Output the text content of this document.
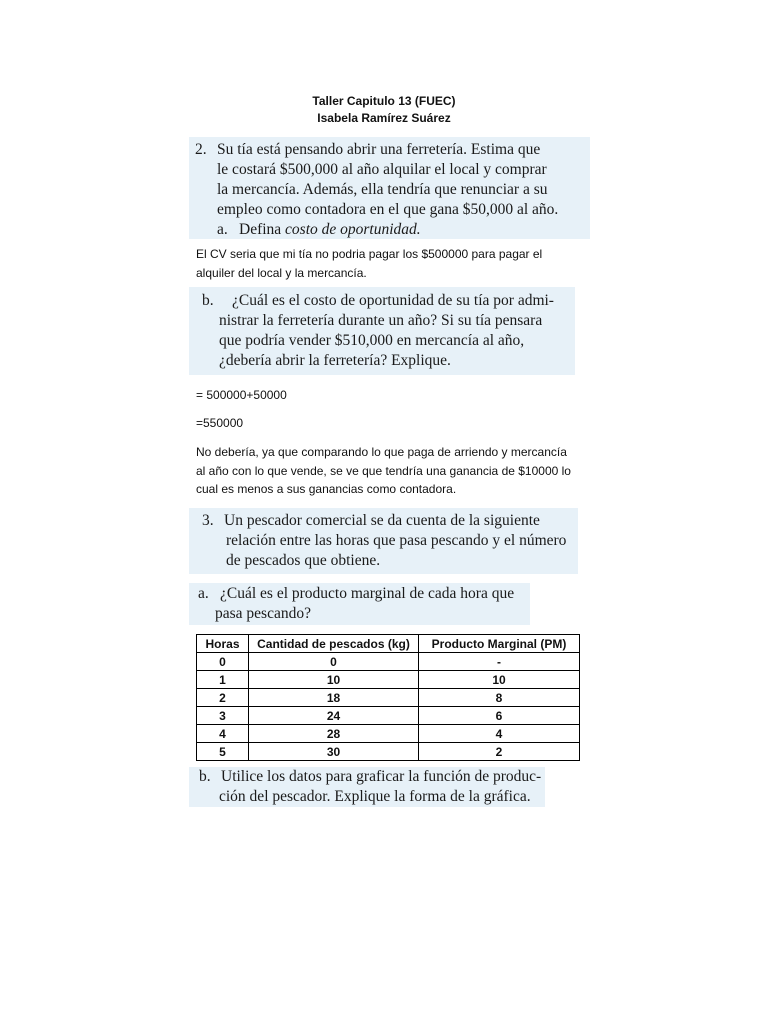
Taller Capitulo 13 (FUEC)
Isabela Ramírez Suárez
2. Su tía está pensando abrir una ferretería. Estima que
le costará $500,000 al año alquilar el local y comprar
la mercancía. Además, ella tendría que renunciar a su
empleo como contadora en el que gana $50,000 al año.
a. Defina
costo de oportunidad.
El CV seria que mi tía no podria pagar los $500000 para pagar el
alquiler del local y la mercancía.
b.	¿Cuál es el costo de oportunidad de su tía por admi-
nistrar la ferretería durante un año? Si su tía pensara
que podría vender $510,000 en mercancía al año,
¿debería abrir la ferretería? Explique.
= 500000+50000
=550000
No debería, ya que comparando lo que paga de arriendo y mercancía
al año con lo que vende, se ve que tendría una ganancia de $10000 lo
cual es menos a sus ganancias como contadora.
3. Un pescador comercial se da cuenta de la siguiente
relación entre las horas que pasa pescando y el número
de pescados que obtiene.
a. ¿Cuál es el producto marginal de cada hora que
pasa pescando?
Horas	Cantidad de pescados (kg)	Producto Marginal (PM)
0	0	-
1	10	10
2	18	8
3	24	6
4	28	4
5	30	2
b. Utilice los datos para graficar la función de produc-
ción del pescador. Explique la forma de la gráfica.
